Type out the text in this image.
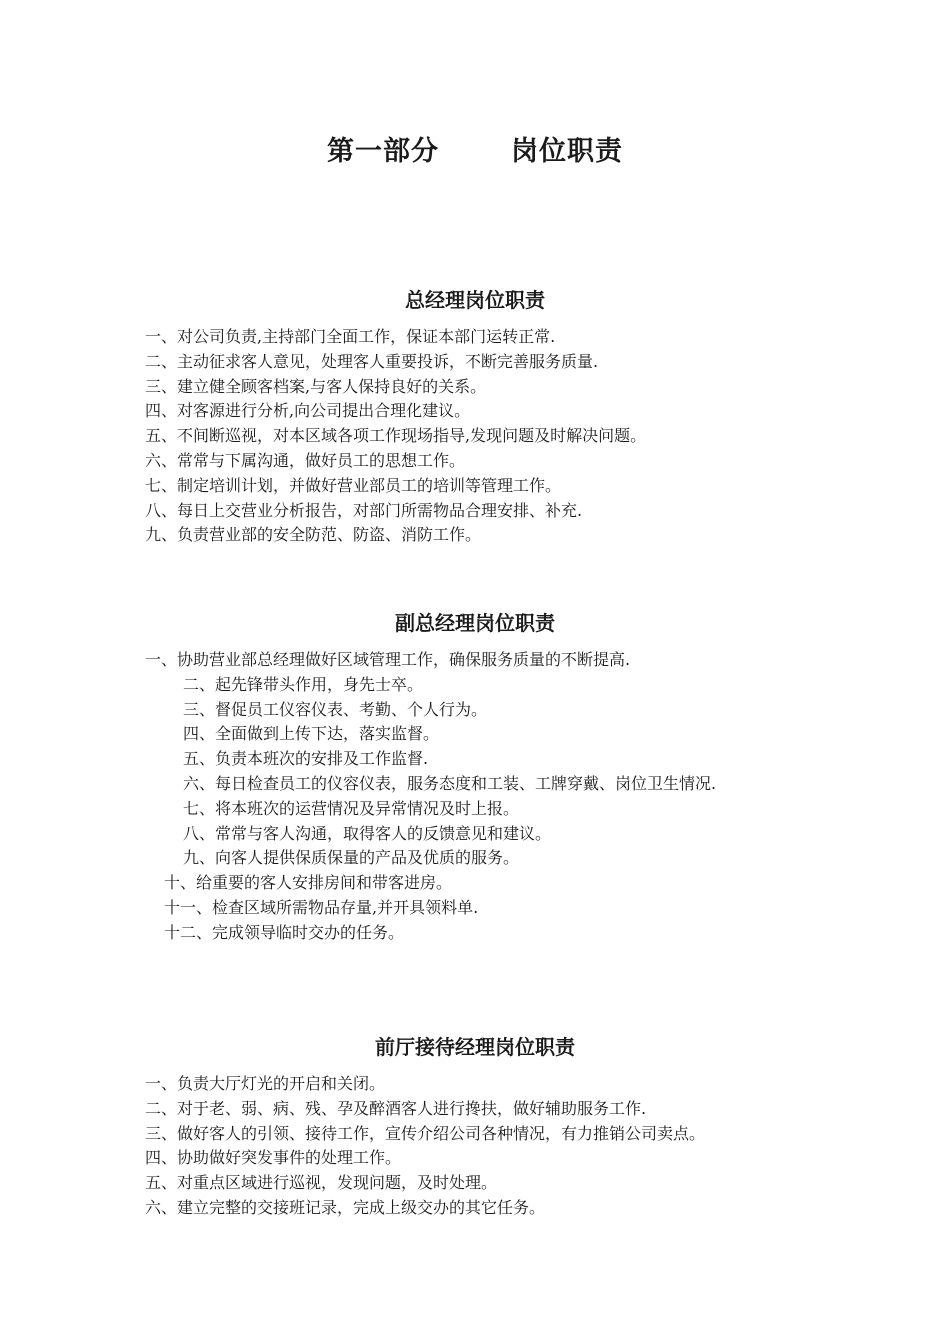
第一部分	岗位职责
总经理岗位职责
一、对公司负责,主持部门全面工作，保证本部门运转正常.
二、主动征求客人意见，处理客人重要投诉，不断完善服务质量.
三、建立健全顾客档案,与客人保持良好的关系。
四、对客源进行分析,向公司提出合理化建议。
五、不间断巡视，对本区域各项工作现场指导,发现问题及时解决问题。
六、常常与下属沟通，做好员工的思想工作。
七、制定培训计划，并做好营业部员工的培训等管理工作。
八、每日上交营业分析报告，对部门所需物品合理安排、补充.
九、负责营业部的安全防范、防盗、消防工作。
副总经理岗位职责
一、协助营业部总经理做好区域管理工作，确保服务质量的不断提高.
二、起先锋带头作用，身先士卒。
三、督促员工仪容仪表、考勤、个人行为。
四、全面做到上传下达，落实监督。
五、负责本班次的安排及工作监督.
六、每日检查员工的仪容仪表，服务态度和工装、工牌穿戴、岗位卫生情况.
七、将本班次的运营情况及异常情况及时上报。
八、常常与客人沟通，取得客人的反馈意见和建议。
九、向客人提供保质保量的产品及优质的服务。
十、给重要的客人安排房间和带客进房。
十一、检查区域所需物品存量,并开具领料单.
十二、完成领导临时交办的任务。
前厅接待经理岗位职责
一、负责大厅灯光的开启和关闭。
二、对于老、弱、病、残、孕及醉酒客人进行搀扶，做好辅助服务工作.
三、做好客人的引领、接待工作，宣传介绍公司各种情况，有力推销公司卖点。
四、协助做好突发事件的处理工作。
五、对重点区域进行巡视，发现问题，及时处理。
六、建立完整的交接班记录，完成上级交办的其它任务。
